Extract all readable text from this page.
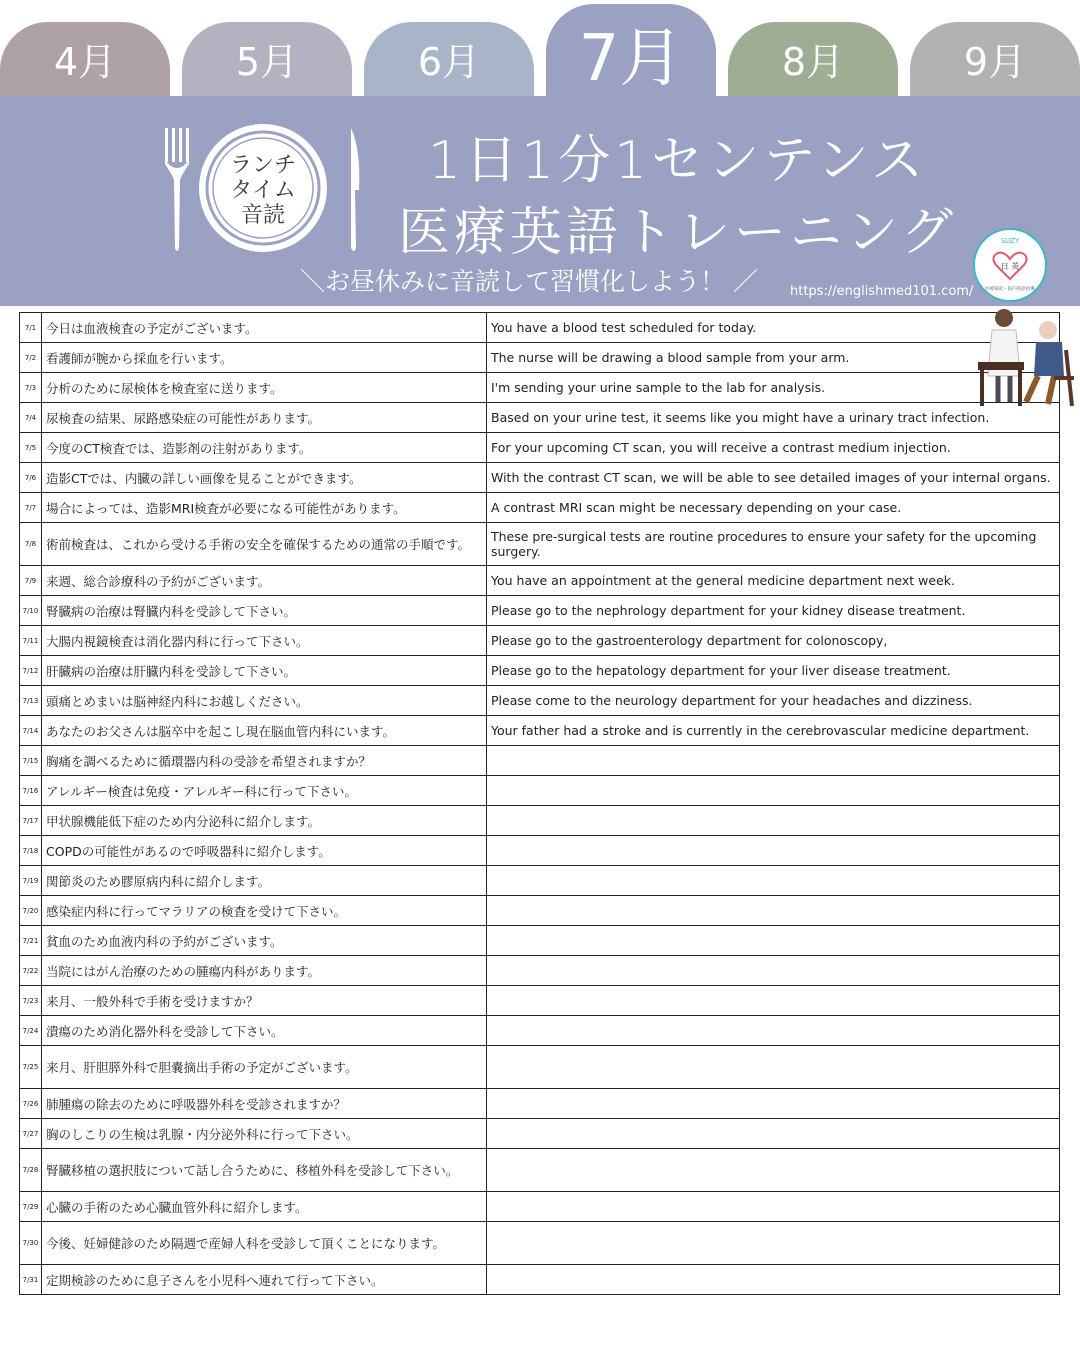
4月	5月	6月	7月	8月	9月
ランチ
タイム
音読
1日1分1センテンス
医療英語トレーニング
＼お昼休みに音読して習慣化しよう！ ／ https://englishmed101.com/
SUZY
日 英
医療通訳・院内英語指導
7/1	今日は血液検査の予定がございます。	You have a blood test scheduled for today.
7/2	看護師が腕から採血を行います。	The nurse will be drawing a blood sample from your arm.
7/3	分析のために尿検体を検査室に送ります。	I'm sending your urine sample to the lab for analysis.
7/4	尿検査の結果、尿路感染症の可能性があります。	Based on your urine test, it seems like you might have a urinary tract infection.
7/5	今度のCT検査では、造影剤の注射があります。	For your upcoming CT scan, you will receive a contrast medium injection.
7/6	造影CTでは、内臓の詳しい画像を見ることができます。	With the contrast CT scan, we will be able to see detailed images of your internal organs.
7/7	場合によっては、造影MRI検査が必要になる可能性があります。	A contrast MRI scan might be necessary depending on your case.
7/8	術前検査は、これから受ける手術の安全を確保するための通常の手順です。	These pre-surgical tests are routine procedures to ensure your safety for the upcoming surgery.
7/9	来週、総合診療科の予約がございます。	You have an appointment at the general medicine department next week.
7/10	腎臓病の治療は腎臓内科を受診して下さい。	Please go to the nephrology department for your kidney disease treatment.
7/11	大腸内視鏡検査は消化器内科に行って下さい。	Please go to the gastroenterology department for colonoscopy,
7/12	肝臓病の治療は肝臓内科を受診して下さい。	Please go to the hepatology department for your liver disease treatment.
7/13	頭痛とめまいは脳神経内科にお越しください。	Please come to the neurology department for your headaches and dizziness.
7/14	あなたのお父さんは脳卒中を起こし現在脳血管内科にいます。	Your father had a stroke and is currently in the cerebrovascular medicine department.
7/15	胸痛を調べるために循環器内科の受診を希望されますか？	
7/16	アレルギー検査は免疫・アレルギー科に行って下さい。	
7/17	甲状腺機能低下症のため内分泌科に紹介します。	
7/18	COPDの可能性があるので呼吸器科に紹介します。	
7/19	関節炎のため膠原病内科に紹介します。	
7/20	感染症内科に行ってマラリアの検査を受けて下さい。	
7/21	貧血のため血液内科の予約がございます。	
7/22	当院にはがん治療のための腫瘍内科があります。	
7/23	来月、一般外科で手術を受けますか？	
7/24	潰瘍のため消化器外科を受診して下さい。	
7/25	来月、肝胆膵外科で胆嚢摘出手術の予定がございます。	
7/26	肺腫瘍の除去のために呼吸器外科を受診されますか？	
7/27	胸のしこりの生検は乳腺・内分泌外科に行って下さい。	
7/28	腎臓移植の選択肢について話し合うために、移植外科を受診して下さい。	
7/29	心臓の手術のため心臓血管外科に紹介します。	
7/30	今後、妊婦健診のため隔週で産婦人科を受診して頂くことになります。	
7/31	定期検診のために息子さんを小児科へ連れて行って下さい。	
